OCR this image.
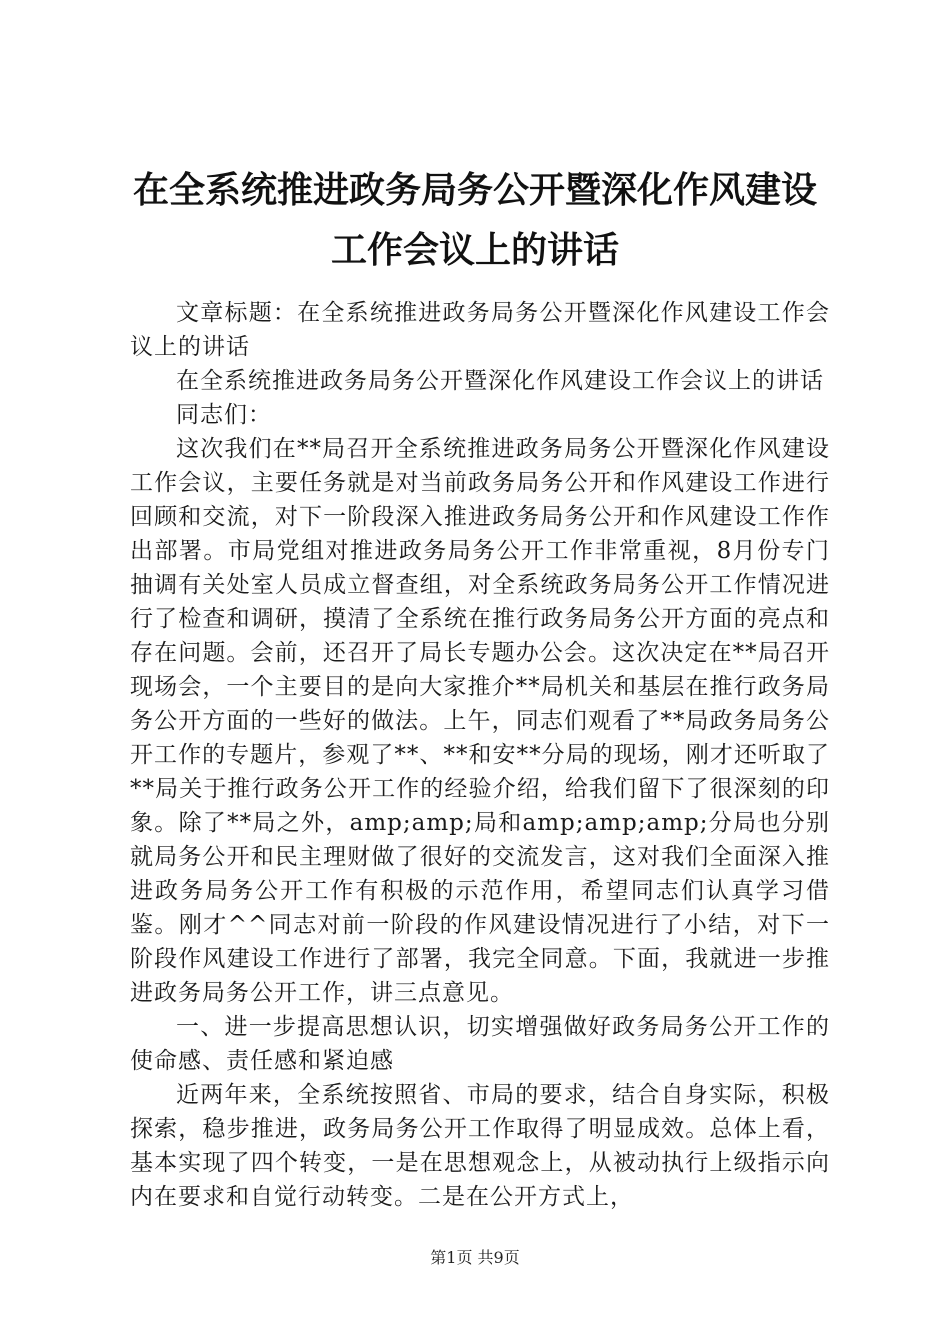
在全系统推进政务局务公开暨深化作风建设工作会议上的讲话

文章标题：在全系统推进政务局务公开暨深化作风建设工作会议上的讲话

在全系统推进政务局务公开暨深化作风建设工作会议上的讲话

同志们：

这次我们在**局召开全系统推进政务局务公开暨深化作风建设工作会议，主要任务就是对当前政务局务公开和作风建设工作进行回顾和交流，对下一阶段深入推进政务局务公开和作风建设工作作出部署。市局党组对推进政务局务公开工作非常重视，8月份专门抽调有关处室人员成立督查组，对全系统政务局务公开工作情况进行了检查和调研，摸清了全系统在推行政务局务公开方面的亮点和存在问题。会前，还召开了局长专题办公会。这次决定在**局召开现场会，一个主要目的是向大家推介**局机关和基层在推行政务局务公开方面的一些好的做法。上午，同志们观看了**局政务局务公开工作的专题片，参观了**、**和安**分局的现场，刚才还听取了**局关于推行政务公开工作的经验介绍，给我们留下了很深刻的印象。除了**局之外，amp;amp;局和amp;amp;amp;分局也分别就局务公开和民主理财做了很好的交流发言，这对我们全面深入推进政务局务公开工作有积极的示范作用，希望同志们认真学习借鉴。刚才^^同志对前一阶段的作风建设情况进行了小结，对下一阶段作风建设工作进行了部署，我完全同意。下面，我就进一步推进政务局务公开工作，讲三点意见。

一、进一步提高思想认识，切实增强做好政务局务公开工作的使命感、责任感和紧迫感

近两年来，全系统按照省、市局的要求，结合自身实际，积极探索，稳步推进，政务局务公开工作取得了明显成效。总体上看，基本实现了四个转变，一是在思想观念上，从被动执行上级指示向内在要求和自觉行动转变。二是在公开方式上，

第1页 共9页
